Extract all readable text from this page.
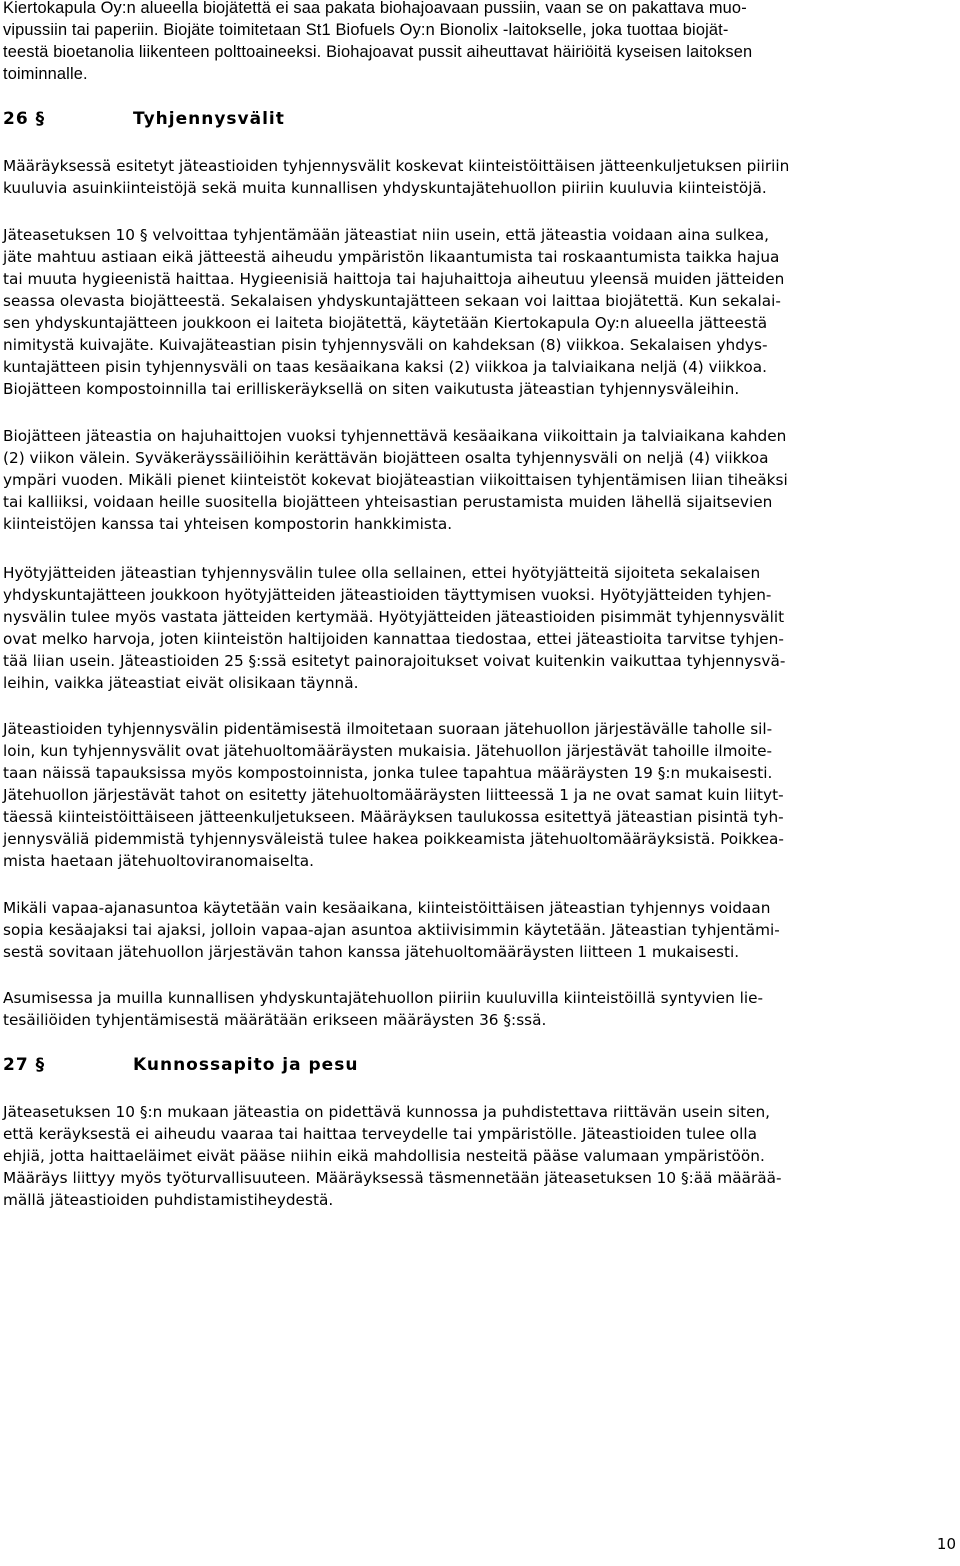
Kiertokapula Oy:n alueella biojätettä ei saa pakata biohajoavaan pussiin, vaan se on pakattava muo-
vipussiin tai paperiin. Biojäte toimitetaan St1 Biofuels Oy:n Bionolix -laitokselle, joka tuottaa biojät-
teestä bioetanolia liikenteen polttoaineeksi. Biohajoavat pussit aiheuttavat häiriöitä kyseisen laitoksen
toiminnalle.

26 §	Tyhjennysvälit

Määräyksessä esitetyt jäteastioiden tyhjennysvälit koskevat kiinteistöittäisen jätteenkuljetuksen piiriin
kuuluvia asuinkiinteistöjä sekä muita kunnallisen yhdyskuntajätehuollon piiriin kuuluvia kiinteistöjä.

Jäteasetuksen 10 § velvoittaa tyhjentämään jäteastiat niin usein, että jäteastia voidaan aina sulkea,
jäte mahtuu astiaan eikä jätteestä aiheudu ympäristön likaantumista tai roskaantumista taikka hajua
tai muuta hygieenistä haittaa. Hygieenisiä haittoja tai hajuhaittoja aiheutuu yleensä muiden jätteiden
seassa olevasta biojätteestä. Sekalaisen yhdyskuntajätteen sekaan voi laittaa biojätettä. Kun sekalai-
sen yhdyskuntajätteen joukkoon ei laiteta biojätettä, käytetään Kiertokapula Oy:n alueella jätteestä
nimitystä kuivajäte. Kuivajäteastian pisin tyhjennysväli on kahdeksan (8) viikkoa. Sekalaisen yhdys-
kuntajätteen pisin tyhjennysväli on taas kesäaikana kaksi (2) viikkoa ja talviaikana neljä (4) viikkoa.
Biojätteen kompostoinnilla tai erilliskeräyksellä on siten vaikutusta jäteastian tyhjennysväleihin.

Biojätteen jäteastia on hajuhaittojen vuoksi tyhjennettävä kesäaikana viikoittain ja talviaikana kahden
(2) viikon välein. Syväkeräyssäiliöihin kerättävän biojätteen osalta tyhjennysväli on neljä (4) viikkoa
ympäri vuoden. Mikäli pienet kiinteistöt kokevat biojäteastian viikoittaisen tyhjentämisen liian tiheäksi
tai kalliiksi, voidaan heille suositella biojätteen yhteisastian perustamista muiden lähellä sijaitsevien
kiinteistöjen kanssa tai yhteisen kompostorin hankkimista.

Hyötyjätteiden jäteastian tyhjennysvälin tulee olla sellainen, ettei hyötyjätteitä sijoiteta sekalaisen
yhdyskuntajätteen joukkoon hyötyjätteiden jäteastioiden täyttymisen vuoksi. Hyötyjätteiden tyhjen-
nysvälin tulee myös vastata jätteiden kertymää. Hyötyjätteiden jäteastioiden pisimmät tyhjennysvälit
ovat melko harvoja, joten kiinteistön haltijoiden kannattaa tiedostaa, ettei jäteastioita tarvitse tyhjen-
tää liian usein. Jäteastioiden 25 §:ssä esitetyt painorajoitukset voivat kuitenkin vaikuttaa tyhjennysvä-
leihin, vaikka jäteastiat eivät olisikaan täynnä.

Jäteastioiden tyhjennysvälin pidentämisestä ilmoitetaan suoraan jätehuollon järjestävälle taholle sil-
loin, kun tyhjennysvälit ovat jätehuoltomääräysten mukaisia. Jätehuollon järjestävät tahoille ilmoite-
taan näissä tapauksissa myös kompostoinnista, jonka tulee tapahtua määräysten 19 §:n mukaisesti.
Jätehuollon järjestävät tahot on esitetty jätehuoltomääräysten liitteessä 1 ja ne ovat samat kuin liityt-
täessä kiinteistöittäiseen jätteenkuljetukseen. Määräyksen taulukossa esitettyä jäteastian pisintä tyh-
jennysväliä pidemmistä tyhjennysväleistä tulee hakea poikkeamista jätehuoltomääräyksistä. Poikkea-
mista haetaan jätehuoltoviranomaiselta.

Mikäli vapaa-ajanasuntoa käytetään vain kesäaikana, kiinteistöittäisen jäteastian tyhjennys voidaan
sopia kesäajaksi tai ajaksi, jolloin vapaa-ajan asuntoa aktiivisimmin käytetään. Jäteastian tyhjentämi-
sestä sovitaan jätehuollon järjestävän tahon kanssa jätehuoltomääräysten liitteen 1 mukaisesti.

Asumisessa ja muilla kunnallisen yhdyskuntajätehuollon piiriin kuuluvilla kiinteistöillä syntyvien lie-
tesäiliöiden tyhjentämisestä määrätään erikseen määräysten 36 §:ssä.

27 §	Kunnossapito ja pesu

Jäteasetuksen 10 §:n mukaan jäteastia on pidettävä kunnossa ja puhdistettava riittävän usein siten,
että keräyksestä ei aiheudu vaaraa tai haittaa terveydelle tai ympäristölle. Jäteastioiden tulee olla
ehjiä, jotta haittaeläimet eivät pääse niihin eikä mahdollisia nesteitä pääse valumaan ympäristöön.
Määräys liittyy myös työturvallisuuteen. Määräyksessä täsmennetään jäteasetuksen 10 §:ää määrää-
mällä jäteastioiden puhdistamistiheydestä.

10
